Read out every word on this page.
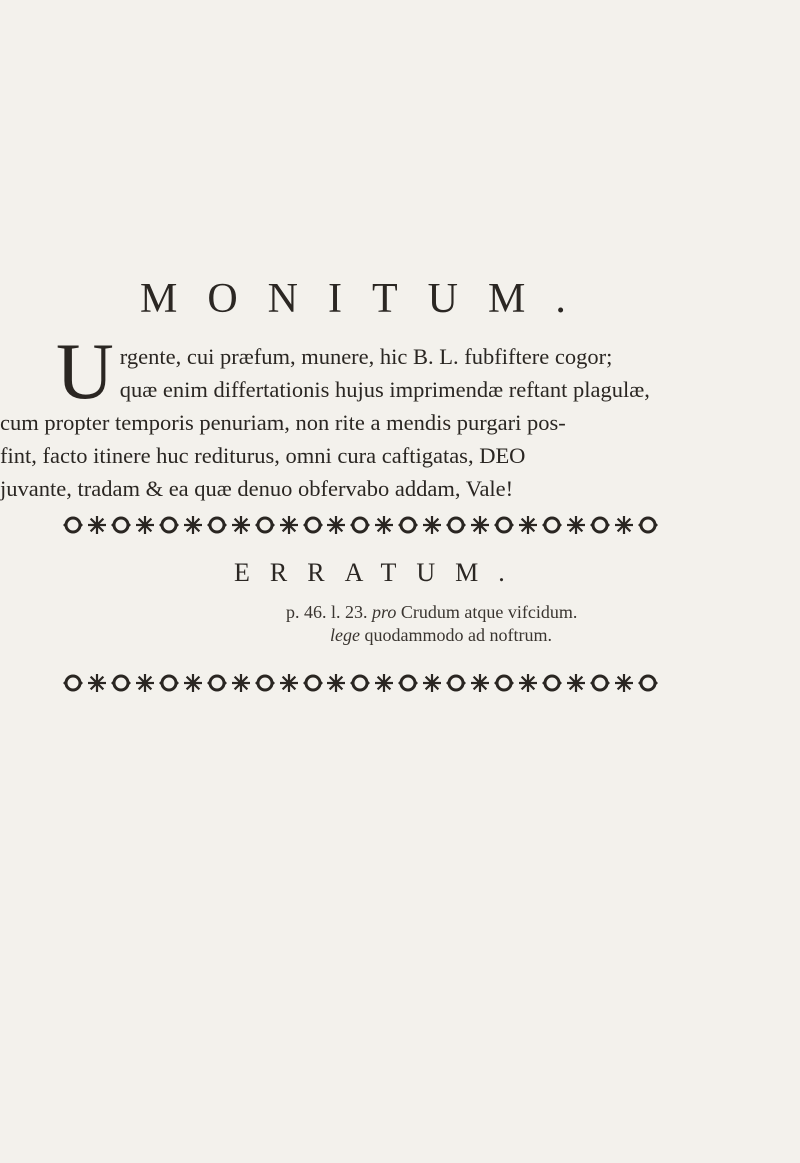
MONITUM.
U rgente, cui præfum, munere, hic B. L. fubfiftere cogor;
quæ enim differtationis hujus imprimendæ reftant plagulæ,
cum propter temporis penuriam, non rite a mendis purgari pos-
fint, facto itinere huc rediturus, omni cura caftigatas, DEO
juvante, tradam & ea quæ denuo obfervabo addam, Vale!
ERRATUM.
p. 46. l. 23. pro Crudum atque vifcidum.
lege quodammodo ad noftrum.
